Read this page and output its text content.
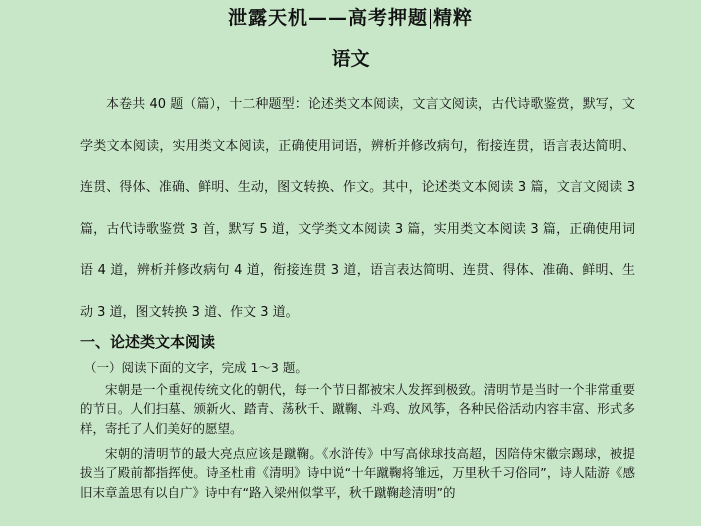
泄露天机——高考押题 精粹
语文

本卷共 40 题（篇），十二种题型：论述类文本阅读，文言文阅读，古代诗歌鉴赏，默写，文学类文本阅读，实用类文本阅读，正确使用词语，辨析并修改病句，衔接连贯，语言表达简明、连贯、得体、准确、鲜明、生动，图文转换、作文。其中，论述类文本阅读 3 篇，文言文阅读 3 篇，古代诗歌鉴赏 3 首，默写 5 道，文学类文本阅读 3 篇，实用类文本阅读 3 篇，正确使用词语 4 道，辨析并修改病句 4 道，衔接连贯 3 道，语言表达简明、连贯、得体、准确、鲜明、生动 3 道，图文转换 3 道、作文 3 道。

一、论述类文本阅读

（一）阅读下面的文字，完成 1～3 题。

宋朝是一个重视传统文化的朝代，每一个节日都被宋人发挥到极致。清明节是当时一个非常重要的节日。人们扫墓、颁新火、踏青、荡秋千、蹴鞠、斗鸡、放风筝，各种民俗活动内容丰富、形式多样，寄托了人们美好的愿望。

宋朝的清明节的最大亮点应该是蹴鞠。《水浒传》中写高俅球技高超，因陪侍宋徽宗踢球，被提拔当了殿前都指挥使。诗圣杜甫《清明》诗中说“十年蹴鞠将雏远，万里秋千习俗同”，诗人陆游《感旧末章盖思有以自广》诗中有“路入梁州似掌平，秋千蹴鞠趁清明”的
